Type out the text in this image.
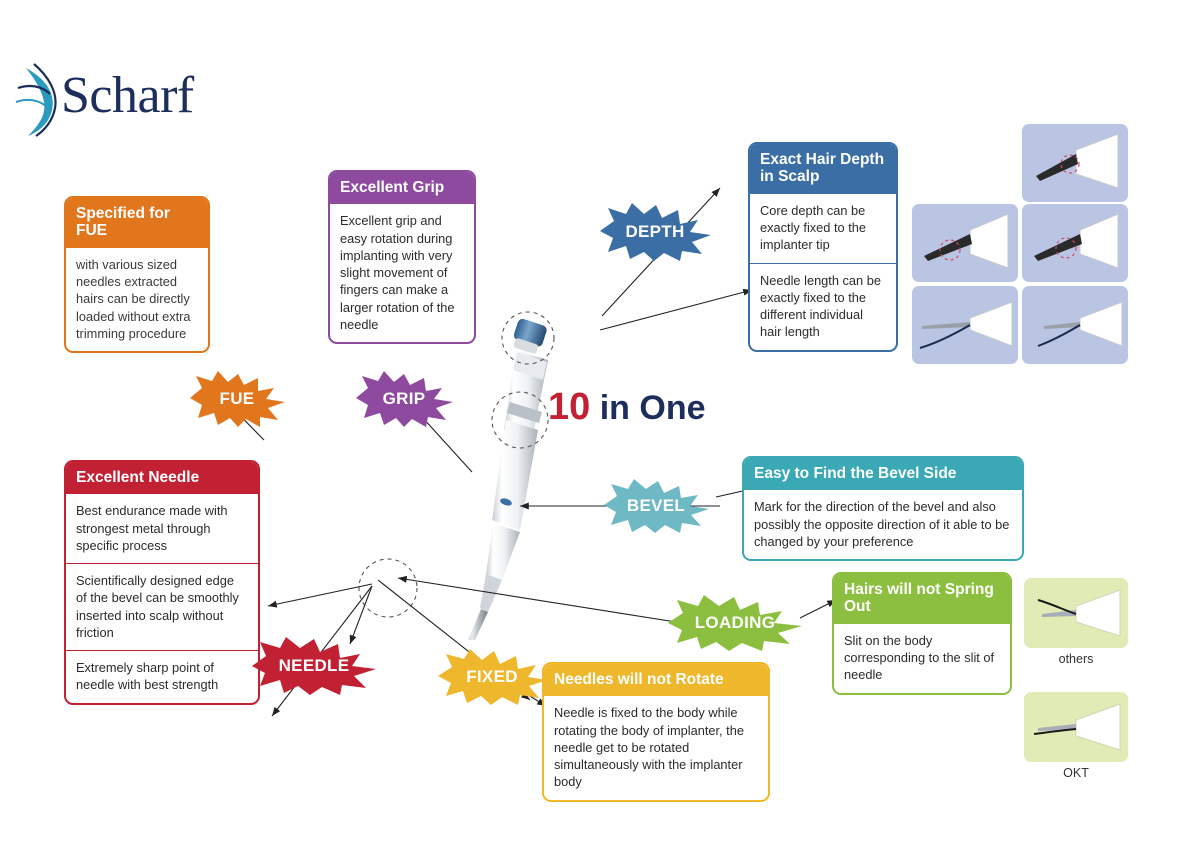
Scharf
Specified for FUE
with various sized needles extracted hairs can be directly loaded without extra trimming procedure
Excellent Grip
Excellent grip and easy rotation during implanting with very slight movement of fingers can make a larger rotation of the needle
Exact Hair Depth in Scalp
Core depth can be exactly fixed to the implanter tip
Needle length can be exactly fixed to the different individual hair length
Excellent Needle
Best endurance made with strongest metal through specific process
Scientifically designed edge of the bevel can be smoothly inserted into scalp without friction
Extremely sharp point of needle with best strength
Easy to Find the Bevel Side
Mark for the direction of the bevel and also possibly the opposite direction of it able to be changed by your preference
Hairs will not Spring Out
Slit on the body corresponding to the slit of needle
Needles will not Rotate
Needle is fixed to the body while rotating the body of implanter, the needle get to be rotated simultaneously with the implanter body
10 in One
FUE	GRIP
DEPTH
NEEDLE
BEVEL
LOADING
FIXED
others
OKT
